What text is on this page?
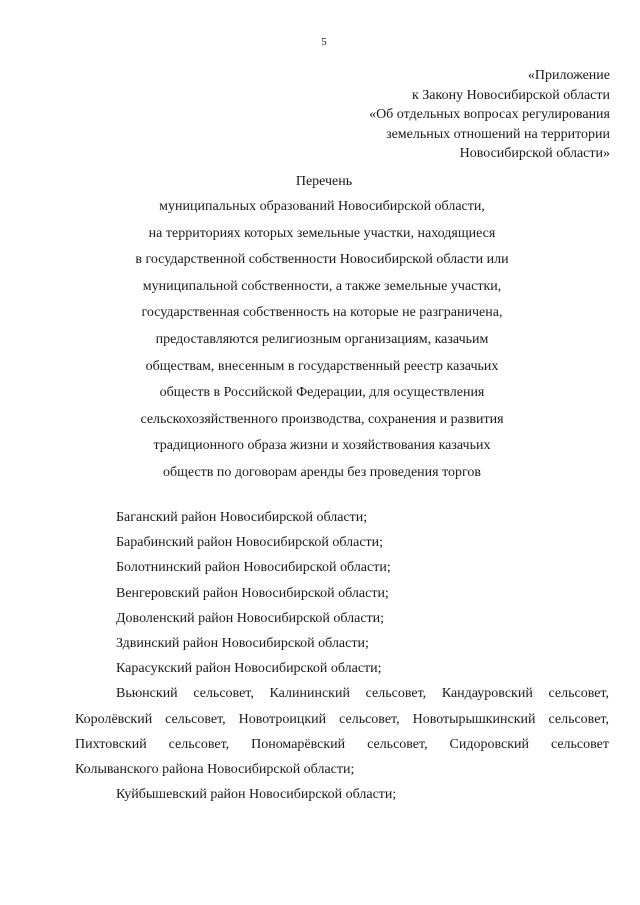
5
«Приложение
к Закону Новосибирской области
«Об отдельных вопросах регулирования
земельных отношений на территории
Новосибирской области»
Перечень
муниципальных образований Новосибирской области,
на территориях которых земельные участки, находящиеся
в государственной собственности Новосибирской области или
муниципальной собственности, а также земельные участки,
государственная собственность на которые не разграничена,
предоставляются религиозным организациям, казачьим
обществам, внесенным в государственный реестр казачьих
обществ в Российской Федерации, для осуществления
сельскохозяйственного производства, сохранения и развития
традиционного образа жизни и хозяйствования казачьих
обществ по договорам аренды без проведения торгов
Баганский район Новосибирской области;
Барабинский район Новосибирской области;
Болотнинский район Новосибирской области;
Венгеровский район Новосибирской области;
Доволенский район Новосибирской области;
Здвинский район Новосибирской области;
Карасукский район Новосибирской области;
Вьюнский сельсовет, Калининский сельсовет, Кандауровский сельсовет,
Королёвский сельсовет, Новотроицкий сельсовет, Новотырышкинский сельсовет,
Пихтовский сельсовет, Пономарёвский сельсовет, Сидоровский сельсовет
Колыванского района Новосибирской области;
Куйбышевский район Новосибирской области;
